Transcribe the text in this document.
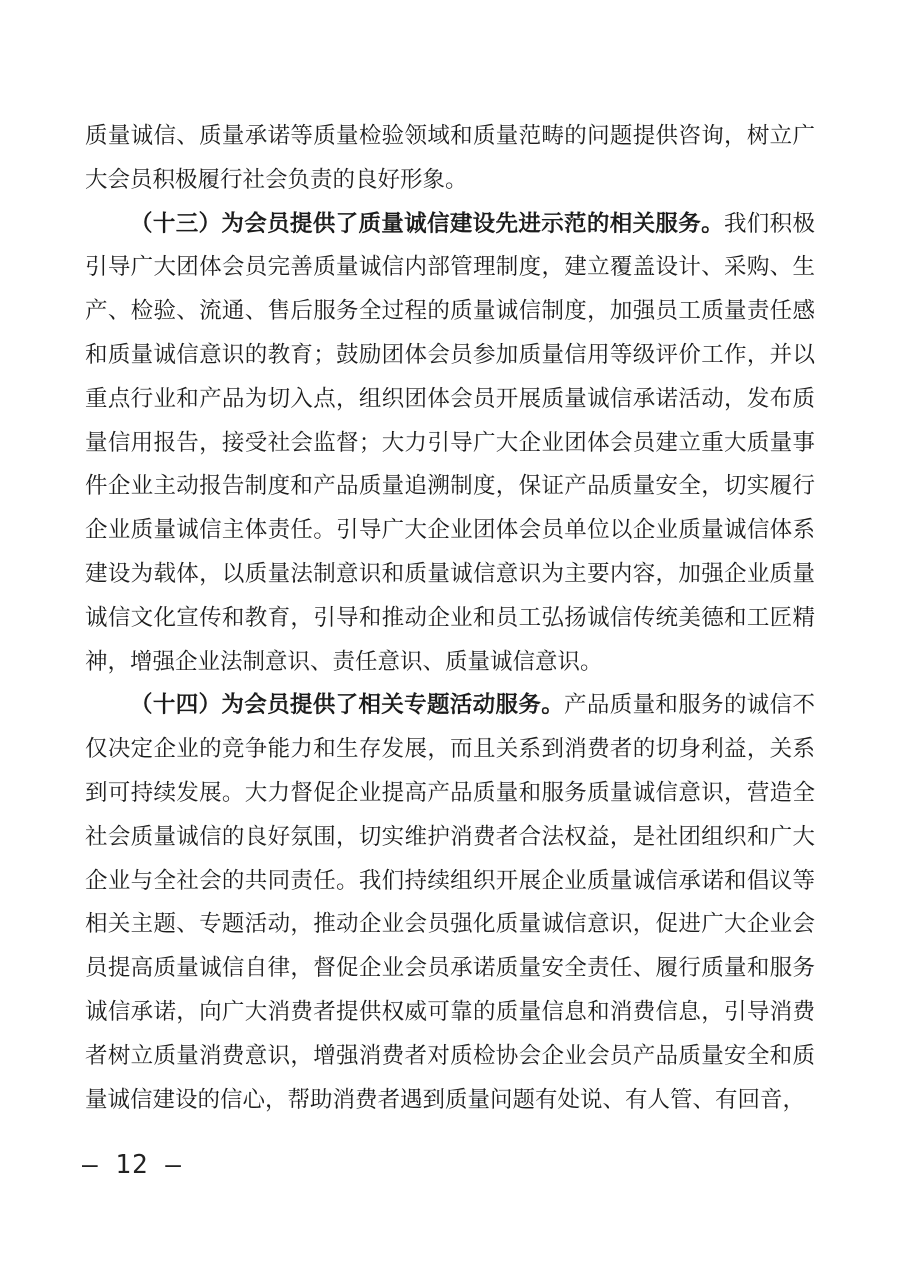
质量诚信、质量承诺等质量检验领域和质量范畴的问题提供咨询，树立广大会员积极履行社会负责的良好形象。

（十三）为会员提供了质量诚信建设先进示范的相关服务。我们积极引导广大团体会员完善质量诚信内部管理制度，建立覆盖设计、采购、生产、检验、流通、售后服务全过程的质量诚信制度，加强员工质量责任感和质量诚信意识的教育；鼓励团体会员参加质量信用等级评价工作，并以重点行业和产品为切入点，组织团体会员开展质量诚信承诺活动，发布质量信用报告，接受社会监督；大力引导广大企业团体会员建立重大质量事件企业主动报告制度和产品质量追溯制度，保证产品质量安全，切实履行企业质量诚信主体责任。引导广大企业团体会员单位以企业质量诚信体系建设为载体，以质量法制意识和质量诚信意识为主要内容，加强企业质量诚信文化宣传和教育，引导和推动企业和员工弘扬诚信传统美德和工匠精神，增强企业法制意识、责任意识、质量诚信意识。

（十四）为会员提供了相关专题活动服务。产品质量和服务的诚信不仅决定企业的竞争能力和生存发展，而且关系到消费者的切身利益，关系到可持续发展。大力督促企业提高产品质量和服务质量诚信意识，营造全社会质量诚信的良好氛围，切实维护消费者合法权益，是社团组织和广大企业与全社会的共同责任。我们持续组织开展企业质量诚信承诺和倡议等相关主题、专题活动，推动企业会员强化质量诚信意识，促进广大企业会员提高质量诚信自律，督促企业会员承诺质量安全责任、履行质量和服务诚信承诺，向广大消费者提供权威可靠的质量信息和消费信息，引导消费者树立质量消费意识，增强消费者对质检协会企业会员产品质量安全和质量诚信建设的信心，帮助消费者遇到质量问题有处说、有人管、有回音，

– 12 –
